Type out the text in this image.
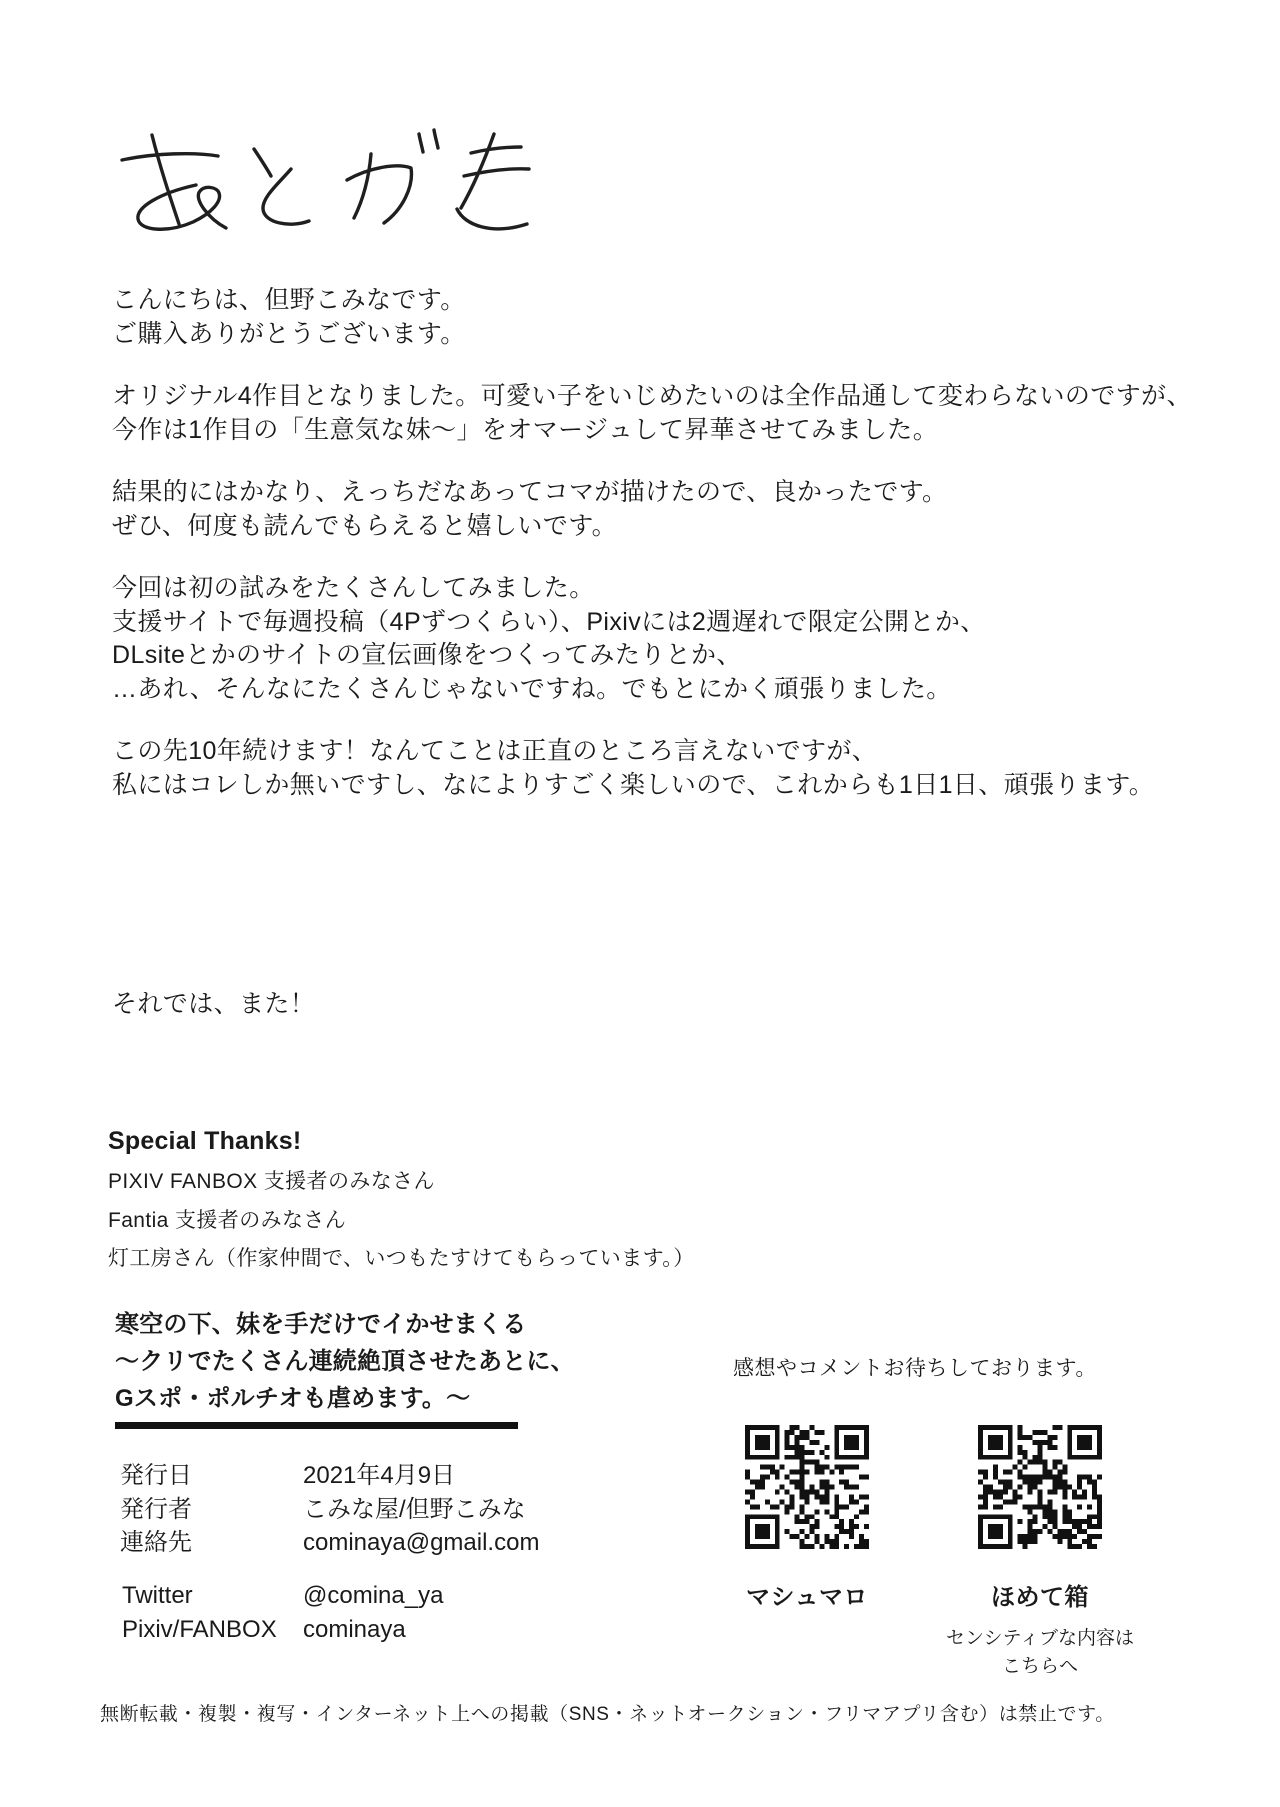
こんにちは、但野こみなです。
ご購入ありがとうございます。

オリジナル4作目となりました。可愛い子をいじめたいのは全作品通して変わらないのですが、
今作は1作目の「生意気な妹〜」をオマージュして昇華させてみました。

結果的にはかなり、えっちだなあってコマが描けたので、良かったです。
ぜひ、何度も読んでもらえると嬉しいです。

今回は初の試みをたくさんしてみました。
支援サイトで毎週投稿（4Pずつくらい）、Pixivには2週遅れで限定公開とか、
DLsiteとかのサイトの宣伝画像をつくってみたりとか、
…あれ、そんなにたくさんじゃないですね。でもとにかく頑張りました。

この先10年続けます！なんてことは正直のところ言えないですが、
私にはコレしか無いですし、なによりすごく楽しいので、これからも1日1日、頑張ります。

それでは、また！

Special Thanks!
PIXIV FANBOX 支援者のみなさん
Fantia 支援者のみなさん
灯工房さん（作家仲間で、いつもたすけてもらっています。）
寒空の下、妹を手だけでイかせまくる
〜クリでたくさん連続絶頂させたあとに、
Gスポ・ポルチオも虐めます。〜
発行日	2021年4月9日
発行者	こみな屋/但野こみな
連絡先	cominaya@gmail.com
Twitter	@comina_ya
Pixiv/FANBOX	cominaya
感想やコメントお待ちしております。
マシュマロ	ほめて箱
センシティブな内容は
こちらへ
無断転載・複製・複写・インターネット上への掲載（SNS・ネットオークション・フリマアプリ含む）は禁止です。
